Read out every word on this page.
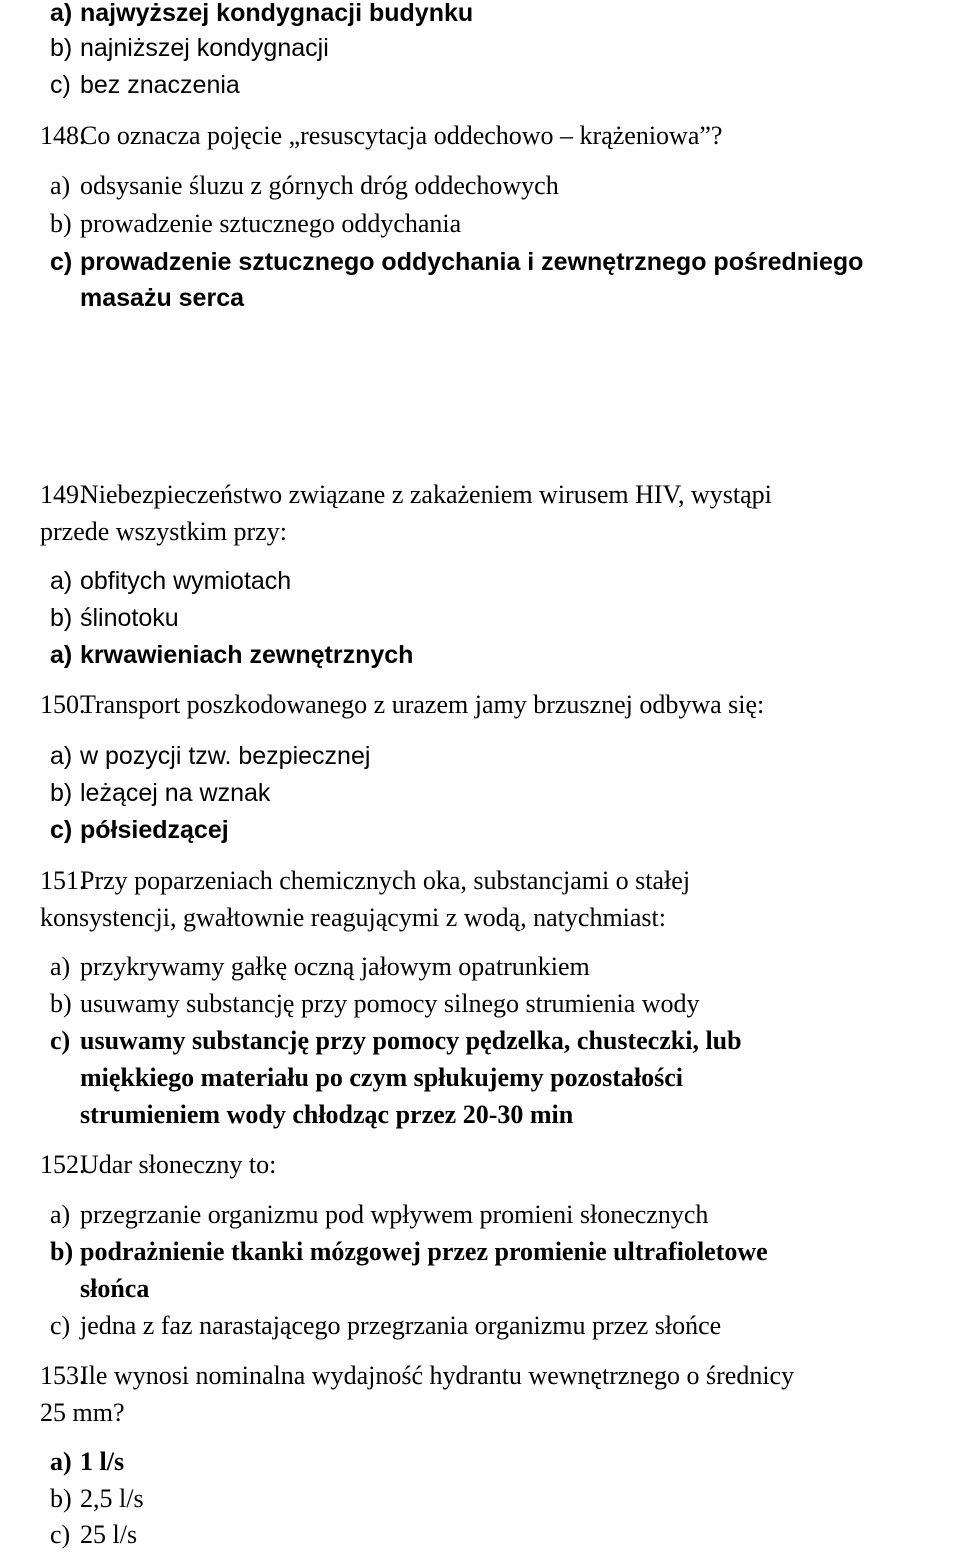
a) najwyższej kondygnacji budynku
b) najniższej kondygnacji
c) bez znaczenia
148.Co oznacza pojęcie „resuscytacja oddechowo – krążeniowa”?
a) odsysanie śluzu z górnych dróg oddechowych
b) prowadzenie sztucznego oddychania
c) prowadzenie sztucznego oddychania i zewnętrznego pośredniego
masażu serca
149.Niebezpieczeństwo związane z zakażeniem wirusem HIV, wystąpi
przede wszystkim przy:
a) obfitych wymiotach
b) ślinotoku
a) krwawieniach zewnętrznych
150.Transport poszkodowanego z urazem jamy brzusznej odbywa się:
a) w pozycji tzw. bezpiecznej
b) leżącej na wznak
c) półsiedzącej
151.Przy poparzeniach chemicznych oka, substancjami o stałej
konsystencji, gwałtownie reagującymi z wodą, natychmiast:
a) przykrywamy gałkę oczną jałowym opatrunkiem
b) usuwamy substancję przy pomocy silnego strumienia wody
c) usuwamy substancję przy pomocy pędzelka, chusteczki, lub
miękkiego materiału po czym spłukujemy pozostałości
strumieniem wody chłodząc przez 20-30 min
152.Udar słoneczny to:
a) przegrzanie organizmu pod wpływem promieni słonecznych
b) podrażnienie tkanki mózgowej przez promienie ultrafioletowe
słońca
c) jedna z faz narastającego przegrzania organizmu przez słońce
153.Ile wynosi nominalna wydajność hydrantu wewnętrznego o średnicy
25 mm?
a) 1 l/s
b) 2,5 l/s
c) 25 l/s
